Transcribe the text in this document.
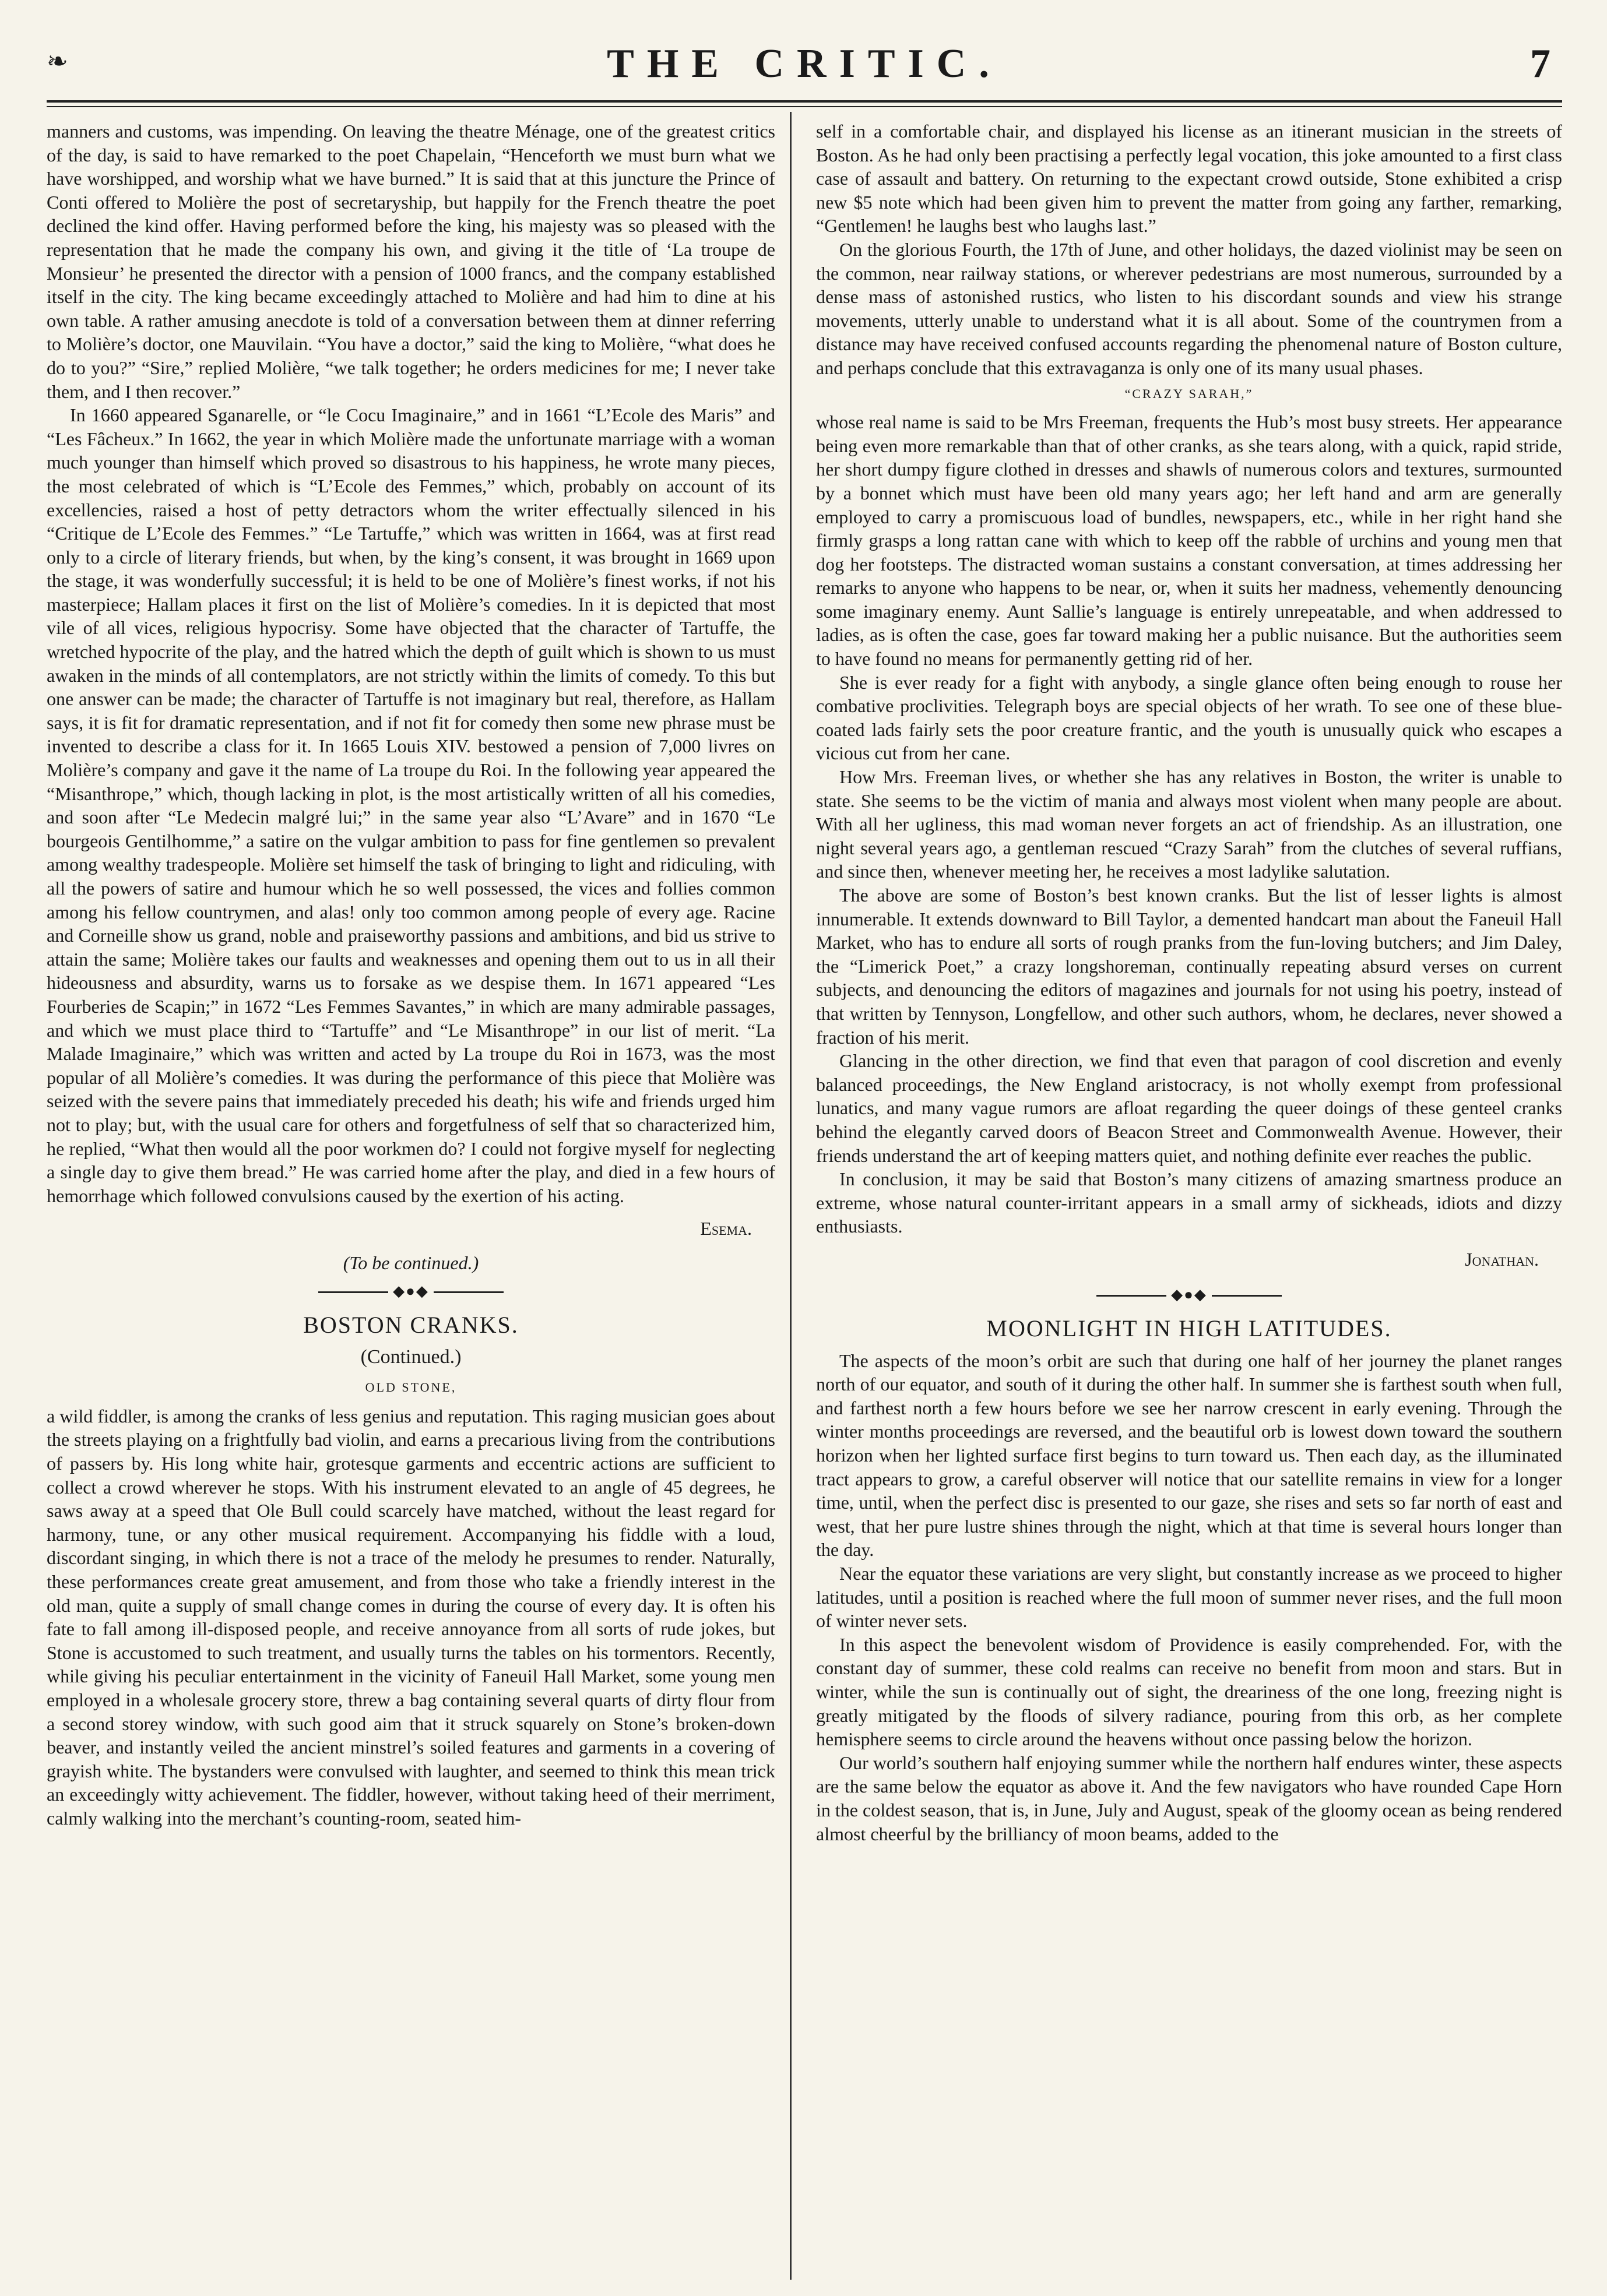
❧	THE CRITIC.	7

manners and customs, was impending. On leaving the theatre Ménage, one of the greatest critics of the day, is said to have remarked to the poet Chapelain, “Henceforth we must burn what we have worshipped, and worship what we have burned.” It is said that at this juncture the Prince of Conti offered to Molière the post of secretaryship, but happily for the French theatre the poet declined the kind offer. Having performed before the king, his majesty was so pleased with the representation that he made the company his own, and giving it the title of ‘La troupe de Monsieur’ he presented the director with a pension of 1000 francs, and the company established itself in the city. The king became exceedingly attached to Molière and had him to dine at his own table. A rather amusing anecdote is told of a conversation between them at dinner referring to Molière’s doctor, one Mauvilain. “You have a doctor,” said the king to Molière, “what does he do to you?” “Sire,” replied Molière, “we talk together; he orders medicines for me; I never take them, and I then recover.”

In 1660 appeared Sganarelle, or “le Cocu Imaginaire,” and in 1661 “L’Ecole des Maris” and “Les Fâcheux.” In 1662, the year in which Molière made the unfortunate marriage with a woman much younger than himself which proved so disastrous to his happiness, he wrote many pieces, the most celebrated of which is “L’Ecole des Femmes,” which, probably on account of its excellencies, raised a host of petty detractors whom the writer effectually silenced in his “Critique de L’Ecole des Femmes.” “Le Tartuffe,” which was written in 1664, was at first read only to a circle of literary friends, but when, by the king’s consent, it was brought in 1669 upon the stage, it was wonderfully successful; it is held to be one of Molière’s finest works, if not his masterpiece; Hallam places it first on the list of Molière’s comedies. In it is depicted that most vile of all vices, religious hypocrisy. Some have objected that the character of Tartuffe, the wretched hypocrite of the play, and the hatred which the depth of guilt which is shown to us must awaken in the minds of all contemplators, are not strictly within the limits of comedy. To this but one answer can be made; the character of Tartuffe is not imaginary but real, therefore, as Hallam says, it is fit for dramatic representation, and if not fit for comedy then some new phrase must be invented to describe a class for it. In 1665 Louis XIV. bestowed a pension of 7,000 livres on Molière’s company and gave it the name of La troupe du Roi. In the following year appeared the “Misanthrope,” which, though lacking in plot, is the most artistically written of all his comedies, and soon after “Le Medecin malgré lui;” in the same year also “L’Avare” and in 1670 “Le bourgeois Gentilhomme,” a satire on the vulgar ambition to pass for fine gentlemen so prevalent among wealthy tradespeople. Molière set himself the task of bringing to light and ridiculing, with all the powers of satire and humour which he so well possessed, the vices and follies common among his fellow countrymen, and alas! only too common among people of every age. Racine and Corneille show us grand, noble and praiseworthy passions and ambitions, and bid us strive to attain the same; Molière takes our faults and weaknesses and opening them out to us in all their hideousness and absurdity, warns us to forsake as we despise them. In 1671 appeared “Les Fourberies de Scapin;” in 1672 “Les Femmes Savantes,” in which are many admirable passages, and which we must place third to “Tartuffe” and “Le Misanthrope” in our list of merit. “La Malade Imaginaire,” which was written and acted by La troupe du Roi in 1673, was the most popular of all Molière’s comedies. It was during the performance of this piece that Molière was seized with the severe pains that immediately preceded his death; his wife and friends urged him not to play; but, with the usual care for others and forgetfulness of self that so characterized him, he replied, “What then would all the poor workmen do? I could not forgive myself for neglecting a single day to give them bread.” He was carried home after the play, and died in a few hours of hemorrhage which followed convulsions caused by the exertion of his acting.

Esema.
(To be continued.)
◆●◆
BOSTON CRANKS.
(Continued.)
OLD STONE,

a wild fiddler, is among the cranks of less genius and reputation. This raging musician goes about the streets playing on a frightfully bad violin, and earns a precarious living from the contributions of passers by. His long white hair, grotesque garments and eccentric actions are sufficient to collect a crowd wherever he stops. With his instrument elevated to an angle of 45 degrees, he saws away at a speed that Ole Bull could scarcely have matched, without the least regard for harmony, tune, or any other musical requirement. Accompanying his fiddle with a loud, discordant singing, in which there is not a trace of the melody he presumes to render. Naturally, these performances create great amusement, and from those who take a friendly interest in the old man, quite a supply of small change comes in during the course of every day. It is often his fate to fall among ill-disposed people, and receive annoyance from all sorts of rude jokes, but Stone is accustomed to such treatment, and usually turns the tables on his tormentors. Recently, while giving his peculiar entertainment in the vicinity of Faneuil Hall Market, some young men employed in a wholesale grocery store, threw a bag containing several quarts of dirty flour from a second storey window, with such good aim that it struck squarely on Stone’s broken-down beaver, and instantly veiled the ancient minstrel’s soiled features and garments in a covering of grayish white. The bystanders were convulsed with laughter, and seemed to think this mean trick an exceedingly witty achievement. The fiddler, however, without taking heed of their merriment, calmly walking into the merchant’s counting-room, seated him-

self in a comfortable chair, and displayed his license as an itinerant musician in the streets of Boston. As he had only been practising a perfectly legal vocation, this joke amounted to a first class case of assault and battery. On returning to the expectant crowd outside, Stone exhibited a crisp new $5 note which had been given him to prevent the matter from going any farther, remarking, “Gentlemen! he laughs best who laughs last.”

On the glorious Fourth, the 17th of June, and other holidays, the dazed violinist may be seen on the common, near railway stations, or wherever pedestrians are most numerous, surrounded by a dense mass of astonished rustics, who listen to his discordant sounds and view his strange movements, utterly unable to understand what it is all about. Some of the countrymen from a distance may have received confused accounts regarding the phenomenal nature of Boston culture, and perhaps conclude that this extravaganza is only one of its many usual phases.

“CRAZY SARAH,”

whose real name is said to be Mrs Freeman, frequents the Hub’s most busy streets. Her appearance being even more remarkable than that of other cranks, as she tears along, with a quick, rapid stride, her short dumpy figure clothed in dresses and shawls of numerous colors and textures, surmounted by a bonnet which must have been old many years ago; her left hand and arm are generally employed to carry a promiscuous load of bundles, newspapers, etc., while in her right hand she firmly grasps a long rattan cane with which to keep off the rabble of urchins and young men that dog her footsteps. The distracted woman sustains a constant conversation, at times addressing her remarks to anyone who happens to be near, or, when it suits her madness, vehemently denouncing some imaginary enemy. Aunt Sallie’s language is entirely unrepeatable, and when addressed to ladies, as is often the case, goes far toward making her a public nuisance. But the authorities seem to have found no means for permanently getting rid of her.

She is ever ready for a fight with anybody, a single glance often being enough to rouse her combative proclivities. Telegraph boys are special objects of her wrath. To see one of these blue-coated lads fairly sets the poor creature frantic, and the youth is unusually quick who escapes a vicious cut from her cane.

How Mrs. Freeman lives, or whether she has any relatives in Boston, the writer is unable to state. She seems to be the victim of mania and always most violent when many people are about. With all her ugliness, this mad woman never forgets an act of friendship. As an illustration, one night several years ago, a gentleman rescued “Crazy Sarah” from the clutches of several ruffians, and since then, whenever meeting her, he receives a most ladylike salutation.

The above are some of Boston’s best known cranks. But the list of lesser lights is almost innumerable. It extends downward to Bill Taylor, a demented handcart man about the Faneuil Hall Market, who has to endure all sorts of rough pranks from the fun-loving butchers; and Jim Daley, the “Limerick Poet,” a crazy longshoreman, continually repeating absurd verses on current subjects, and denouncing the editors of magazines and journals for not using his poetry, instead of that written by Tennyson, Longfellow, and other such authors, whom, he declares, never showed a fraction of his merit.

Glancing in the other direction, we find that even that paragon of cool discretion and evenly balanced proceedings, the New England aristocracy, is not wholly exempt from professional lunatics, and many vague rumors are afloat regarding the queer doings of these genteel cranks behind the elegantly carved doors of Beacon Street and Commonwealth Avenue. However, their friends understand the art of keeping matters quiet, and nothing definite ever reaches the public.

In conclusion, it may be said that Boston’s many citizens of amazing smartness produce an extreme, whose natural counter-irritant appears in a small army of sickheads, idiots and dizzy enthusiasts.

Jonathan.
◆●◆
MOONLIGHT IN HIGH LATITUDES.

The aspects of the moon’s orbit are such that during one half of her journey the planet ranges north of our equator, and south of it during the other half. In summer she is farthest south when full, and farthest north a few hours before we see her narrow crescent in early evening. Through the winter months proceedings are reversed, and the beautiful orb is lowest down toward the southern horizon when her lighted surface first begins to turn toward us. Then each day, as the illuminated tract appears to grow, a careful observer will notice that our satellite remains in view for a longer time, until, when the perfect disc is presented to our gaze, she rises and sets so far north of east and west, that her pure lustre shines through the night, which at that time is several hours longer than the day.

Near the equator these variations are very slight, but constantly increase as we proceed to higher latitudes, until a position is reached where the full moon of summer never rises, and the full moon of winter never sets.

In this aspect the benevolent wisdom of Providence is easily comprehended. For, with the constant day of summer, these cold realms can receive no benefit from moon and stars. But in winter, while the sun is continually out of sight, the dreariness of the one long, freezing night is greatly mitigated by the floods of silvery radiance, pouring from this orb, as her complete hemisphere seems to circle around the heavens without once passing below the horizon.

Our world’s southern half enjoying summer while the northern half endures winter, these aspects are the same below the equator as above it. And the few navigators who have rounded Cape Horn in the coldest season, that is, in June, July and August, speak of the gloomy ocean as being rendered almost cheerful by the brilliancy of moon beams, added to the
